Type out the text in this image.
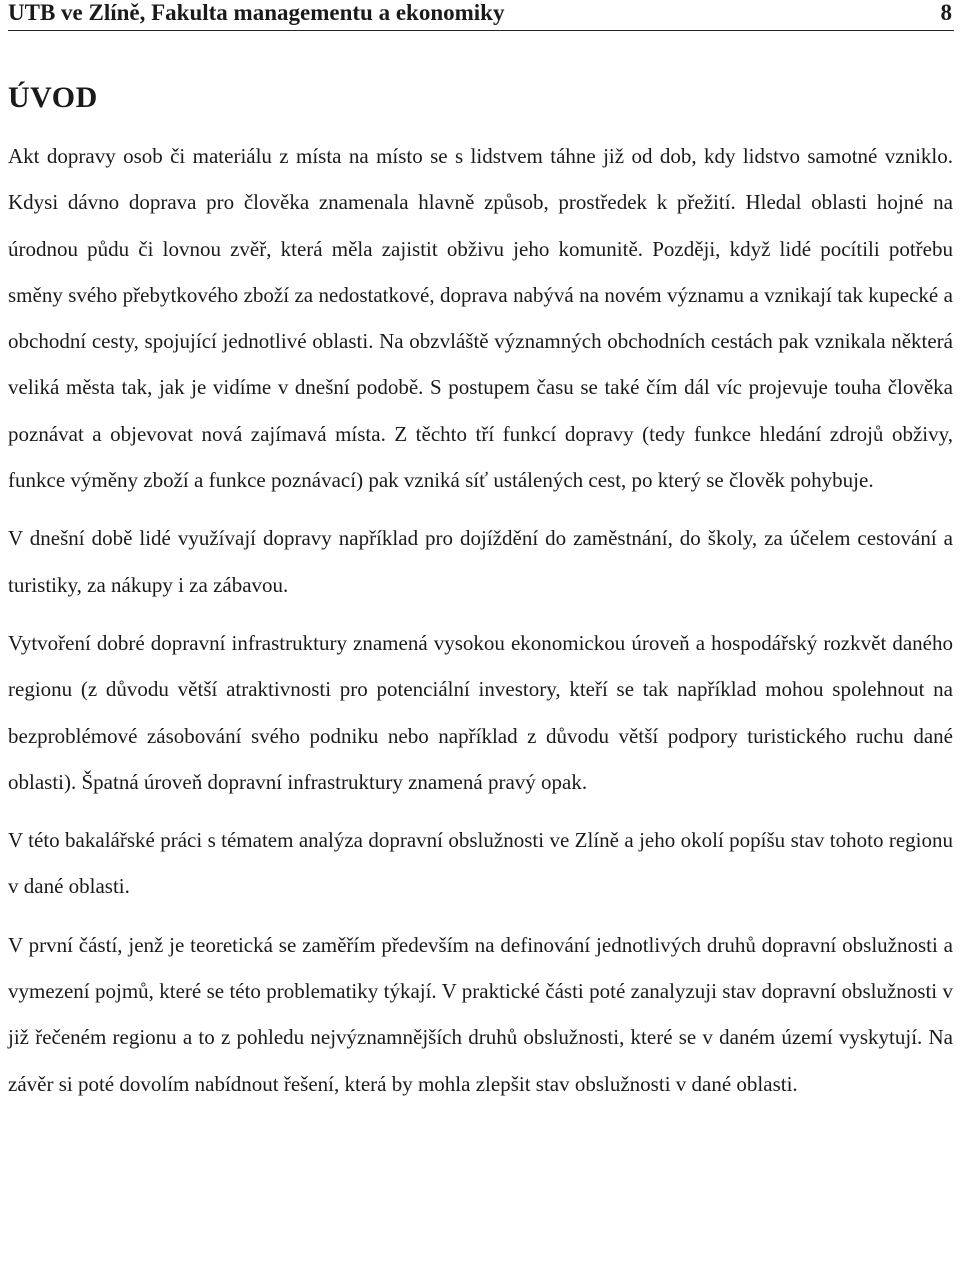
UTB ve Zlíně, Fakulta managementu a ekonomiky	8
ÚVOD

Akt dopravy osob či materiálu z místa na místo se s lidstvem táhne již od dob, kdy lidstvo samotné vzniklo. Kdysi dávno doprava pro člověka znamenala hlavně způsob, prostředek k přežití. Hledal oblasti hojné na úrodnou půdu či lovnou zvěř, která měla zajistit obživu jeho komunitě. Později, když lidé pocítili potřebu směny svého přebytkového zboží za nedostatkové, doprava nabývá na novém významu a vznikají tak kupecké a obchodní cesty, spojující jednotlivé oblasti. Na obzvláště významných obchodních cestách pak vznikala některá veliká města tak, jak je vidíme v dnešní podobě. S postupem času se také čím dál víc projevuje touha člověka poznávat a objevovat nová zajímavá místa. Z těchto tří funkcí dopravy (tedy funkce hledání zdrojů obživy, funkce výměny zboží a funkce poznávací) pak vzniká síť ustálených cest, po který se člověk pohybuje.

V dnešní době lidé využívají dopravy například pro dojíždění do zaměstnání, do školy, za účelem cestování a turistiky, za nákupy i za zábavou.

Vytvoření dobré dopravní infrastruktury znamená vysokou ekonomickou úroveň a hospodářský rozkvět daného regionu (z důvodu větší atraktivnosti pro potenciální investory, kteří se tak například mohou spolehnout na bezproblémové zásobování svého podniku nebo například z důvodu větší podpory turistického ruchu dané oblasti). Špatná úroveň dopravní infrastruktury znamená pravý opak.

V této bakalářské práci s tématem analýza dopravní obslužnosti ve Zlíně a jeho okolí popíšu stav tohoto regionu v dané oblasti.

V první částí, jenž je teoretická se zaměřím především na definování jednotlivých druhů dopravní obslužnosti a vymezení pojmů, které se této problematiky týkají. V praktické části poté zanalyzuji stav dopravní obslužnosti v již řečeném regionu a to z pohledu nejvýznamnějších druhů obslužnosti, které se v daném území vyskytují. Na závěr si poté dovolím nabídnout řešení, která by mohla zlepšit stav obslužnosti v dané oblasti.
